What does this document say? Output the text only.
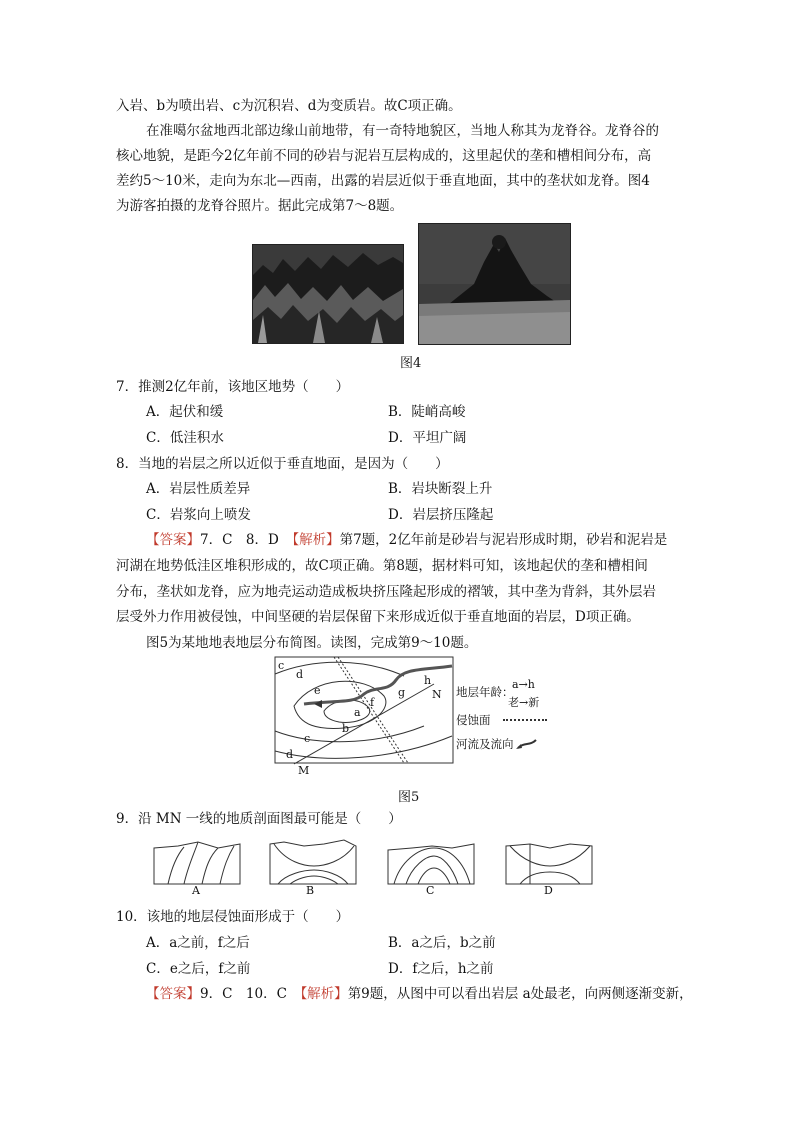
入岩、b为喷出岩、c为沉积岩、d为变质岩。故C项正确。
在准噶尔盆地西北部边缘山前地带，有一奇特地貌区，当地人称其为龙脊谷。龙脊谷的
核心地貌，是距今2亿年前不同的砂岩与泥岩互层构成的，这里起伏的垄和槽相间分布，高
差约5～10米，走向为东北—西南，出露的岩层近似于垂直地面，其中的垄状如龙脊。图4
为游客拍摄的龙脊谷照片。据此完成第7～8题。
图4
7．推测2亿年前，该地区地势（　　）
A．起伏和缓	B．陡峭高峻
C．低洼积水	D．平坦广阔
8．当地的岩层之所以近似于垂直地面，是因为（　　）
A．岩层性质差异	B．岩块断裂上升
C．岩浆向上喷发	D．岩层挤压隆起
【答案】7．C　8．D　【解析】第7题，2亿年前是砂岩与泥岩形成时期，砂岩和泥岩是
河湖在地势低洼区堆积形成的，故C项正确。第8题，据材料可知，该地起伏的垄和槽相间
分布，垄状如龙脊，应为地壳运动造成板块挤压隆起形成的褶皱，其中垄为背斜，其外层岩
层受外力作用被侵蚀，中间坚硬的岩层保留下来形成近似于垂直地面的岩层，D项正确。
图5为某地地表地层分布简图。读图，完成第9～10题。
c
d
e	g
h
N
f
a
b
c
d
M
地层年龄：
a→h
老→新
侵蚀面
河流及流向
图5
9．沿 MN 一线的地质剖面图最可能是（　　）
A	B	C	D
10．该地的地层侵蚀面形成于（　　）
A．a之前，f之后	B．a之后，b之前
C．e之后，f之前	D．f之后，h之前
【答案】9．C　10．C　【解析】第9题，从图中可以看出岩层 a处最老，向两侧逐渐变新，
